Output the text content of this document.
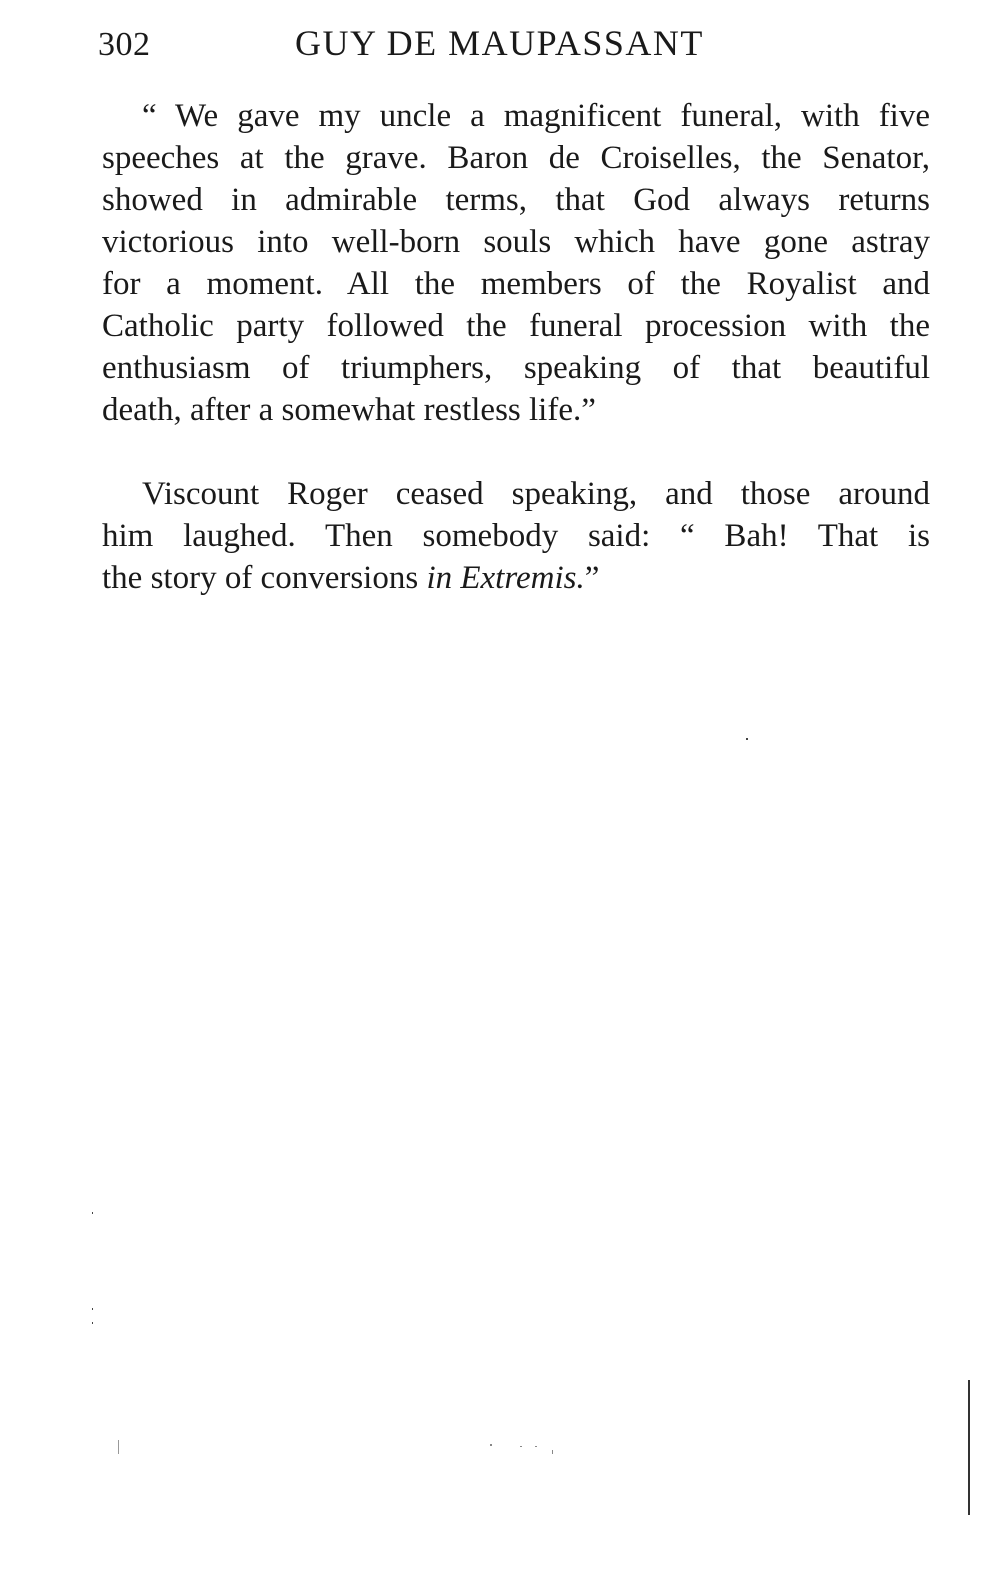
302	GUY DE MAUPASSANT
“ We gave my uncle a magnificent funeral, with five
speeches at the grave. Baron de Croiselles, the Senator,
showed in admirable terms, that God always returns
victorious into well-born souls which have gone astray
for a moment. All the members of the Royalist and
Catholic party followed the funeral procession with the
enthusiasm of triumphers, speaking of that beautiful
death, after a somewhat restless life.”
Viscount Roger ceased speaking, and those around
him laughed. Then somebody said: “ Bah! That is
the story of conversions in Extremis.”
